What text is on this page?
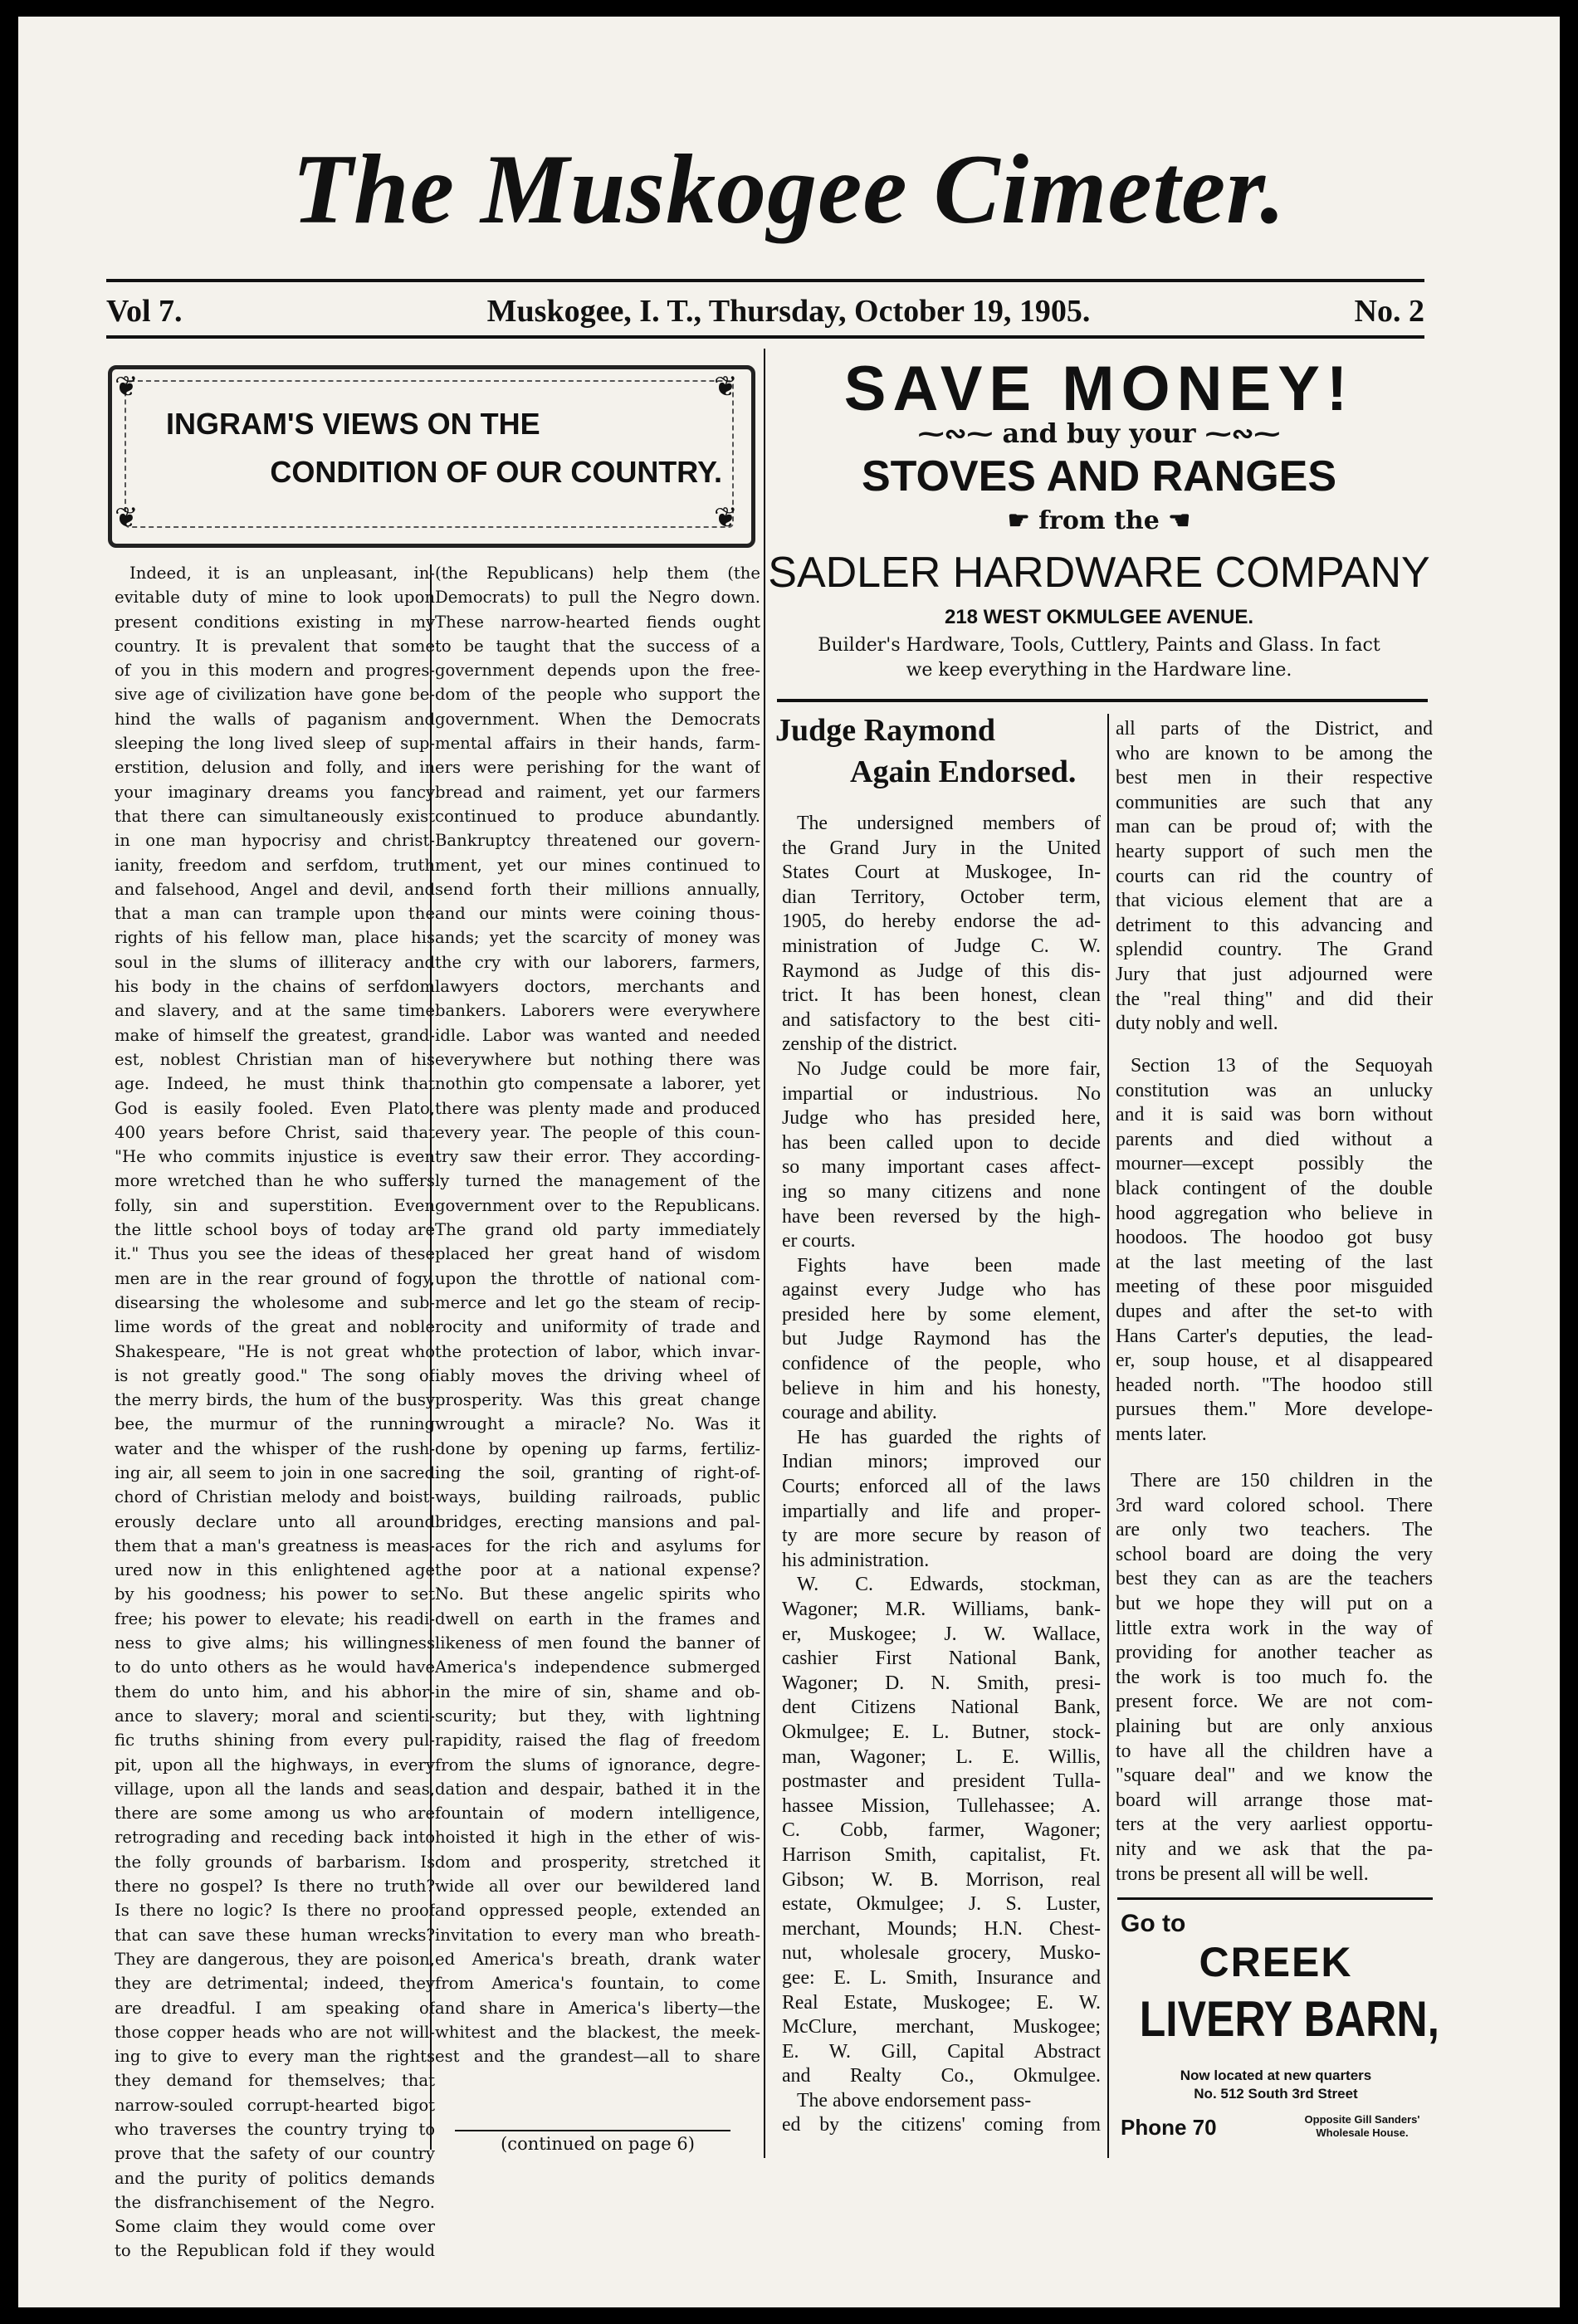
The Muskogee Cimeter.
Vol 7.	Muskogee, I. T., Thursday, October 19, 1905.	No. 2
❦	❦
❦	❦
INGRAM'S VIEWS ON THE
CONDITION OF OUR COUNTRY.
Indeed, it is an unpleasant, in-
evitable duty of mine to look upon
present conditions existing in my
country. It is prevalent that some
of you in this modern and progres-
sive age of civilization have gone be-
hind the walls of paganism and
sleeping the long lived sleep of sup-
erstition, delusion and folly, and in
your imaginary dreams you fancy
that there can simultaneously exist
in one man hypocrisy and christ-
ianity, freedom and serfdom, truth
and falsehood, Angel and devil, and
that a man can trample upon the
rights of his fellow man, place his
soul in the slums of illiteracy and
his body in the chains of serfdom
and slavery, and at the same time
make of himself the greatest, grand-
est, noblest Christian man of his
age. Indeed, he must think that
God is easily fooled. Even Plato,
400 years before Christ, said that
"He who commits injustice is even
more wretched than he who suffers
folly, sin and superstition. Even
the little school boys of today are
it." Thus you see the ideas of these
men are in the rear ground of fogy,
disearsing the wholesome and sub-
lime words of the great and noble
Shakespeare, "He is not great who
is not greatly good." The song of
the merry birds, the hum of the busy
bee, the murmur of the running
water and the whisper of the rush-
ing air, all seem to join in one sacred
chord of Christian melody and boist-
erously declare unto all around
them that a man's greatness is meas-
ured now in this enlightened age
by his goodness; his power to set
free; his power to elevate; his readi-
ness to give alms; his willingness
to do unto others as he would have
them do unto him, and his abhor-
ance to slavery; moral and scienti-
fic truths shining from every pul-
pit, upon all the highways, in every
village, upon all the lands and seas,
there are some among us who are
retrograding and receding back into
the folly grounds of barbarism. Is
there no gospel? Is there no truth?
Is there no logic? Is there no proof
that can save these human wrecks?
They are dangerous, they are poison,
they are detrimental; indeed, they
are dreadful. I am speaking of
those copper heads who are not will-
ing to give to every man the rights
they demand for themselves; that
narrow-souled corrupt-hearted bigot
who traverses the country trying to
prove that the safety of our country
and the purity of politics demands
the disfranchisement of the Negro.
Some claim they would come over
to the Republican fold if they would
(the Republicans) help them (the
Democrats) to pull the Negro down.
These narrow-hearted fiends ought
to be taught that the success of a
government depends upon the free-
dom of the people who support the
government. When the Democrats
mental affairs in their hands, farm-
ers were perishing for the want of
bread and raiment, yet our farmers
continued to produce abundantly.
Bankruptcy threatened our govern-
ment, yet our mines continued to
send forth their millions annually,
and our mints were coining thous-
ands; yet the scarcity of money was
the cry with our laborers, farmers,
lawyers doctors, merchants and
bankers. Laborers were everywhere
idle. Labor was wanted and needed
everywhere but nothing there was
nothin gto compensate a laborer, yet
there was plenty made and produced
every year. The people of this coun-
try saw their error. They according-
ly turned the management of the
government over to the Republicans.
The grand old party immediately
placed her great hand of wisdom
upon the throttle of national com-
merce and let go the steam of recip-
rocity and uniformity of trade and
the protection of labor, which invar-
iably moves the driving wheel of
prosperity. Was this great change
wrought a miracle? No. Was it
done by opening up farms, fertiliz-
ing the soil, granting of right-of-
ways, building railroads, public
bridges, erecting mansions and pal-
aces for the rich and asylums for
the poor at a national expense?
No. But these angelic spirits who
dwell on earth in the frames and
likeness of men found the banner of
America's independence submerged
in the mire of sin, shame and ob-
scurity; but they, with lightning
rapidity, raised the flag of freedom
from the slums of ignorance, degre-
dation and despair, bathed it in the
fountain of modern intelligence,
hoisted it high in the ether of wis-
dom and prosperity, stretched it
wide all over our bewildered land
and oppressed people, extended an
invitation to every man who breath-
ed America's breath, drank water
from America's fountain, to come
and share in America's liberty—the
whitest and the blackest, the meek-
est and the grandest—all to share
(continued on page 6)
SAVE MONEY!
⁓∾⁓ and buy your ⁓∾⁓
STOVES AND RANGES
☛ from the ☚
SADLER HARDWARE COMPANY
218 WEST OKMULGEE AVENUE.
Builder's Hardware, Tools, Cuttlery, Paints and Glass. In fact
we keep everything in the Hardware line.
Judge Raymond
Again Endorsed.
The undersigned members of
the Grand Jury in the United
States Court at Muskogee, In-
dian Territory, October term,
1905, do hereby endorse the ad-
ministration of Judge C. W.
Raymond as Judge of this dis-
trict. It has been honest, clean
and satisfactory to the best citi-
zenship of the district.
No Judge could be more fair,
impartial or industrious. No
Judge who has presided here,
has been called upon to decide
so many important cases affect-
ing so many citizens and none
have been reversed by the high-
er courts.
Fights have been made
against every Judge who has
presided here by some element,
but Judge Raymond has the
confidence of the people, who
believe in him and his honesty,
courage and ability.
He has guarded the rights of
Indian minors; improved our
Courts; enforced all of the laws
impartially and life and proper-
ty are more secure by reason of
his administration.
W. C. Edwards, stockman,
Wagoner; M.R. Williams, bank-
er, Muskogee; J. W. Wallace,
cashier First National Bank,
Wagoner; D. N. Smith, presi-
dent Citizens National Bank,
Okmulgee; E. L. Butner, stock-
man, Wagoner; L. E. Willis,
postmaster and president Tulla-
hassee Mission, Tullehassee; A.
C. Cobb, farmer, Wagoner;
Harrison Smith, capitalist, Ft.
Gibson; W. B. Morrison, real
estate, Okmulgee; J. S. Luster,
merchant, Mounds; H.N. Chest-
nut, wholesale grocery, Musko-
gee: E. L. Smith, Insurance and
Real Estate, Muskogee; E. W.
McClure, merchant, Muskogee;
E. W. Gill, Capital Abstract
and Realty Co., Okmulgee.
The above endorsement pass-
ed by the citizens' coming from
all parts of the District, and
who are known to be among the
best men in their respective
communities are such that any
man can be proud of; with the
hearty support of such men the
courts can rid the country of
that vicious element that are a
detriment to this advancing and
splendid country. The Grand
Jury that just adjourned were
the "real thing" and did their
duty nobly and well.
Section 13 of the Sequoyah
constitution was an unlucky
and it is said was born without
parents and died without a
mourner—except possibly the
black contingent of the double
hood aggregation who believe in
hoodoos. The hoodoo got busy
at the last meeting of the last
meeting of these poor misguided
dupes and after the set-to with
Hans Carter's deputies, the lead-
er, soup house, et al disappeared
headed north. "The hoodoo still
pursues them." More develope-
ments later.
There are 150 children in the
3rd ward colored school. There
are only two teachers. The
school board are doing the very
best they can as are the teachers
but we hope they will put on a
little extra work in the way of
providing for another teacher as
the work is too much fo. the
present force. We are not com-
plaining but are only anxious
to have all the children have a
"square deal" and we know the
board will arrange those mat-
ters at the very aarliest opportu-
nity and we ask that the pa-
trons be present all will be well.
Go to
CREEK
LIVERY BARN,
Now located at new quarters
No. 512 South 3rd Street
Phone 70	Opposite Gill Sanders'
Wholesale House.
